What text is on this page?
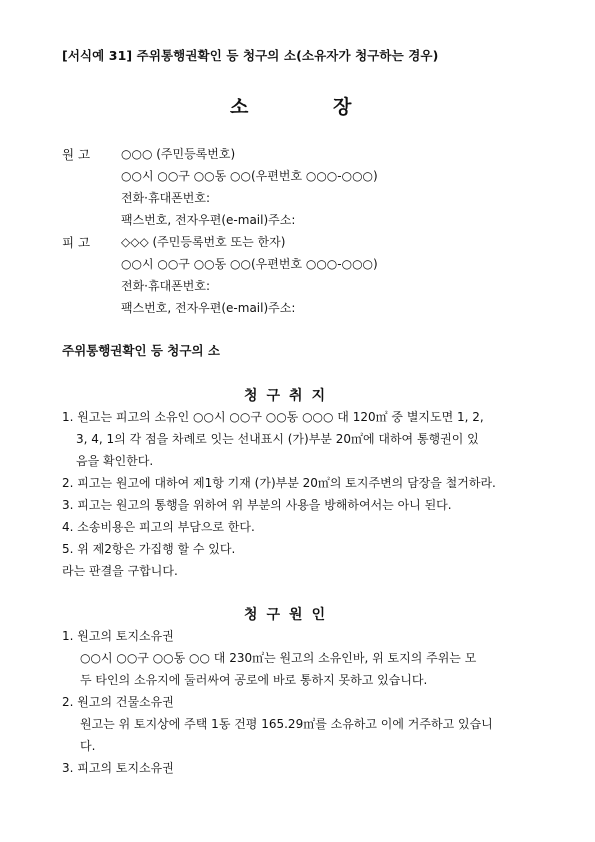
[서식예 31] 주위통행권확인 등 청구의 소(소유자가 청구하는 경우)
소	장
원 고	○○○ (주민등록번호)
○○시 ○○구 ○○동 ○○(우편번호 ○○○-○○○)
전화·휴대폰번호:
팩스번호, 전자우편(e-mail)주소:
피 고	◇◇◇ (주민등록번호 또는 한자)
○○시 ○○구 ○○동 ○○(우편번호 ○○○-○○○)
전화·휴대폰번호:
팩스번호, 전자우편(e-mail)주소:
주위통행권확인 등 청구의 소
청구취지
1. 원고는 피고의 소유인 ○○시 ○○구 ○○동 ○○○ 대 120㎡ 중 별지도면 1, 2,
3, 4, 1의 각 점을 차례로 잇는 선내표시 (가)부분 20㎡에 대하여 통행권이 있
음을 확인한다.
2. 피고는 원고에 대하여 제1항 기재 (가)부분 20㎡의 토지주변의 담장을 철거하라.
3. 피고는 원고의 통행을 위하여 위 부분의 사용을 방해하여서는 아니 된다.
4. 소송비용은 피고의 부담으로 한다.
5. 위 제2항은 가집행 할 수 있다.
라는 판결을 구합니다.
청구원인
1. 원고의 토지소유권
○○시 ○○구 ○○동 ○○ 대 230㎡는 원고의 소유인바, 위 토지의 주위는 모
두 타인의 소유지에 둘러싸여 공로에 바로 통하지 못하고 있습니다.
2. 원고의 건물소유권
원고는 위 토지상에 주택 1동 건평 165.29㎡를 소유하고 이에 거주하고 있습니
다.
3. 피고의 토지소유권
